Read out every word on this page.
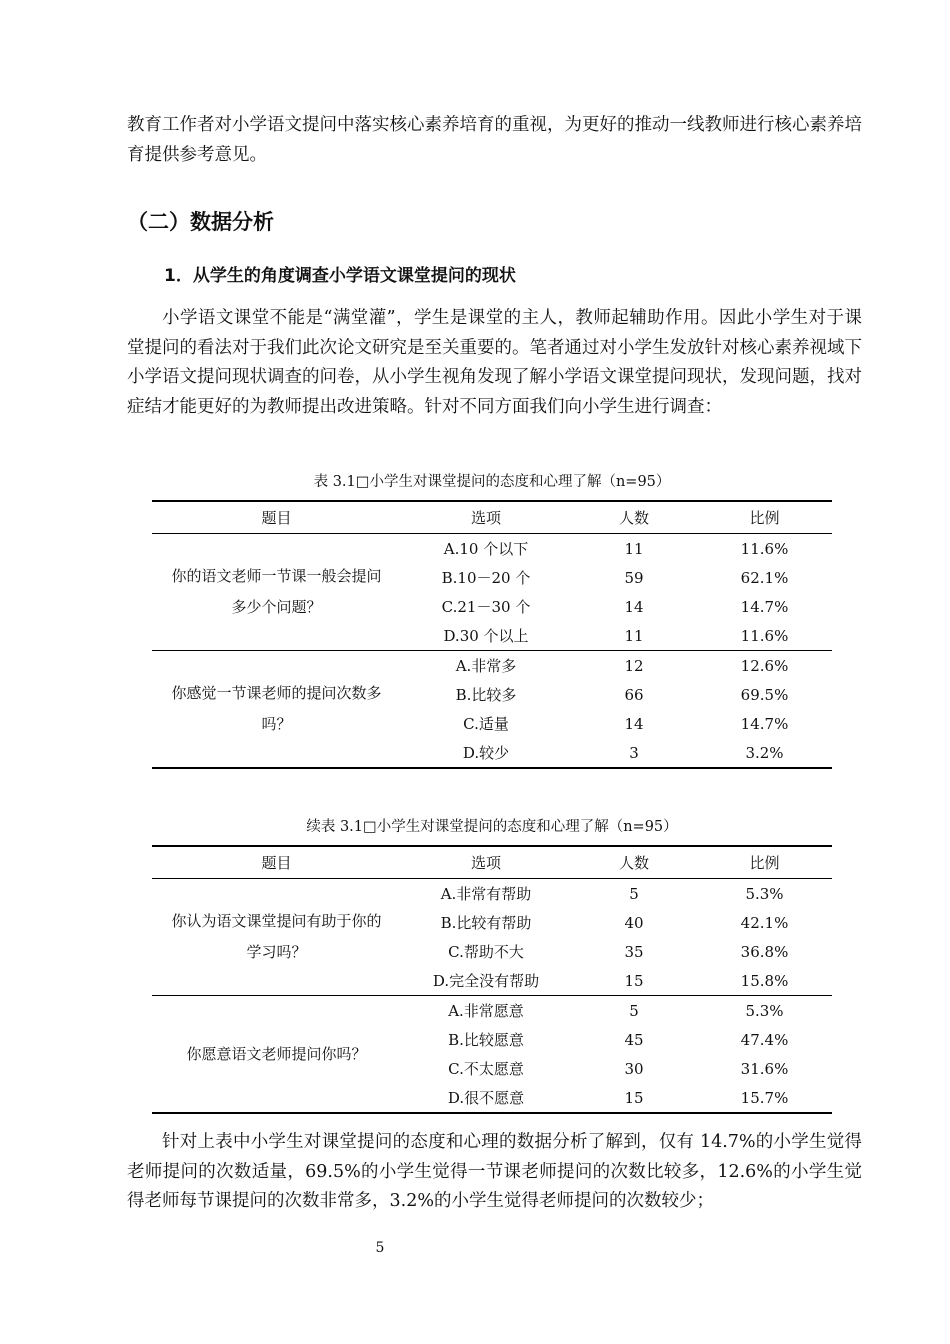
教育工作者对小学语文提问中落实核心素养培育的重视，为更好的推动一线教师进行核心素养培育提供参考意见。

（二）数据分析
1．从学生的角度调查小学语文课堂提问的现状

小学语文课堂不能是“满堂灌”，学生是课堂的主人，教师起辅助作用。因此小学生对于课堂提问的看法对于我们此次论文研究是至关重要的。笔者通过对小学生发放针对核心素养视域下小学语文提问现状调查的问卷，从小学生视角发现了解小学语文课堂提问现状，发现问题，找对症结才能更好的为教师提出改进策略。针对不同方面我们向小学生进行调查：

表 3.1□小学生对课堂提问的态度和心理了解（n=95）

题目	选项	人数	比例
你的语文老师一节课一般会提问多少个问题？	A.10 个以下	11	11.6%
	B.10－20 个	59	62.1%
	C.21－30 个	14	14.7%
	D.30 个以上	11	11.6%
你感觉一节课老师的提问次数多吗？	A.非常多	12	12.6%
	B.比较多	66	69.5%
	C.适量	14	14.7%
	D.较少	3	3.2%

续表 3.1□小学生对课堂提问的态度和心理了解（n=95）

题目	选项	人数	比例
你认为语文课堂提问有助于你的学习吗？	A.非常有帮助	5	5.3%
	B.比较有帮助	40	42.1%
	C.帮助不大	35	36.8%
	D.完全没有帮助	15	15.8%
你愿意语文老师提问你吗？	A.非常愿意	5	5.3%
	B.比较愿意	45	47.4%
	C.不太愿意	30	31.6%
	D.很不愿意	15	15.7%

针对上表中小学生对课堂提问的态度和心理的数据分析了解到，仅有 14.7%的小学生觉得老师提问的次数适量，69.5%的小学生觉得一节课老师提问的次数比较多，12.6%的小学生觉得老师每节课提问的次数非常多，3.2%的小学生觉得老师提问的次数较少；

5
